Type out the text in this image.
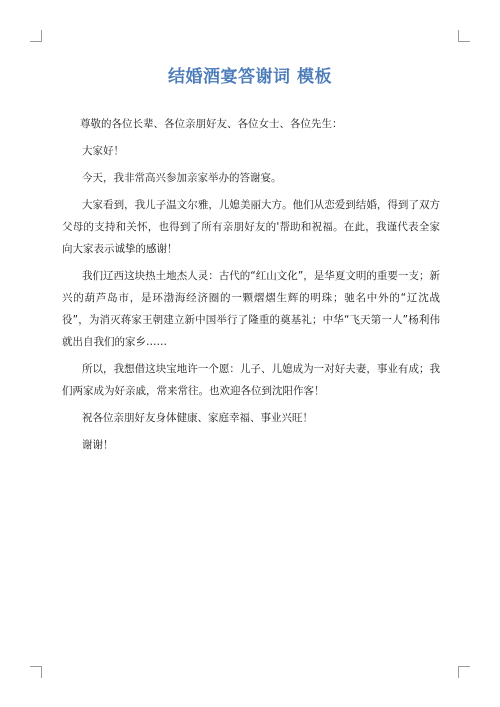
结婚酒宴答谢词 模板

尊敬的各位长辈、各位亲朋好友、各位女士、各位先生：

大家好！

今天，我非常高兴参加亲家举办的答谢宴。

大家看到，我儿子温文尔雅，儿媳美丽大方。他们从恋爱到结婚，得到了双方父母的支持和关怀，也得到了所有亲朋好友的'帮助和祝福。在此，我谨代表全家向大家表示诚挚的感谢！

我们辽西这块热土地杰人灵：古代的“红山文化”，是华夏文明的重要一支；新兴的葫芦岛市，是环渤海经济圈的一颗熠熠生辉的明珠；驰名中外的“辽沈战役”，为消灭蒋家王朝建立新中国举行了隆重的奠基礼；中华“飞天第一人”杨利伟就出自我们的家乡……

所以，我想借这块宝地许一个愿：儿子、儿媳成为一对好夫妻，事业有成；我们两家成为好亲戚，常来常往。也欢迎各位到沈阳作客！

祝各位亲朋好友身体健康、家庭幸福、事业兴旺！

谢谢！
